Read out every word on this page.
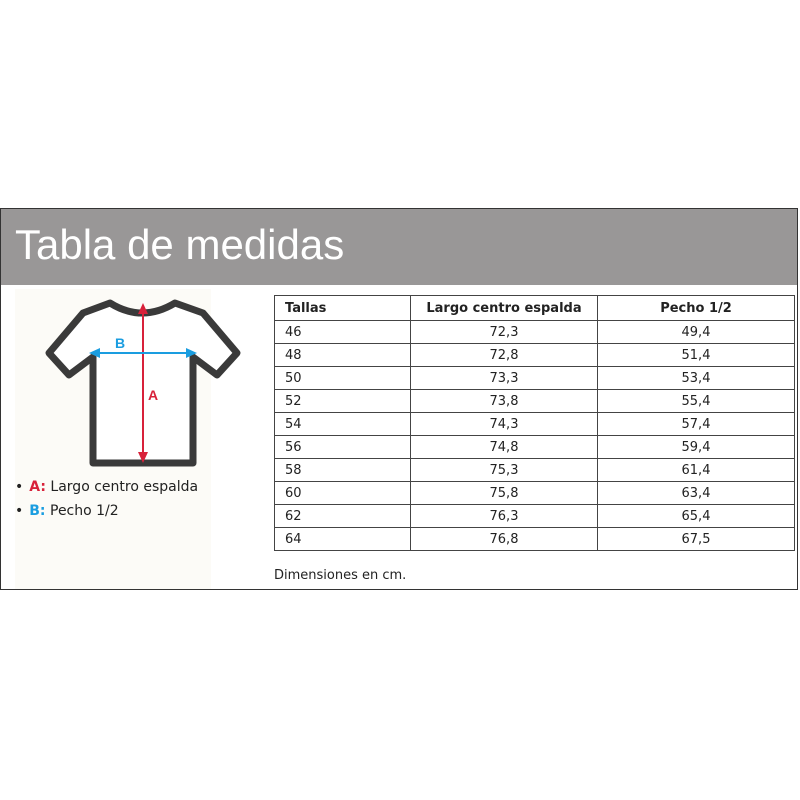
Tabla de medidas
A
B
• A: Largo centro espalda
• B: Pecho 1/2
Tallas	Largo centro espalda	Pecho 1/2
46	72,3	49,4
48	72,8	51,4
50	73,3	53,4
52	73,8	55,4
54	74,3	57,4
56	74,8	59,4
58	75,3	61,4
60	75,8	63,4
62	76,3	65,4
64	76,8	67,5
Dimensiones en cm.
